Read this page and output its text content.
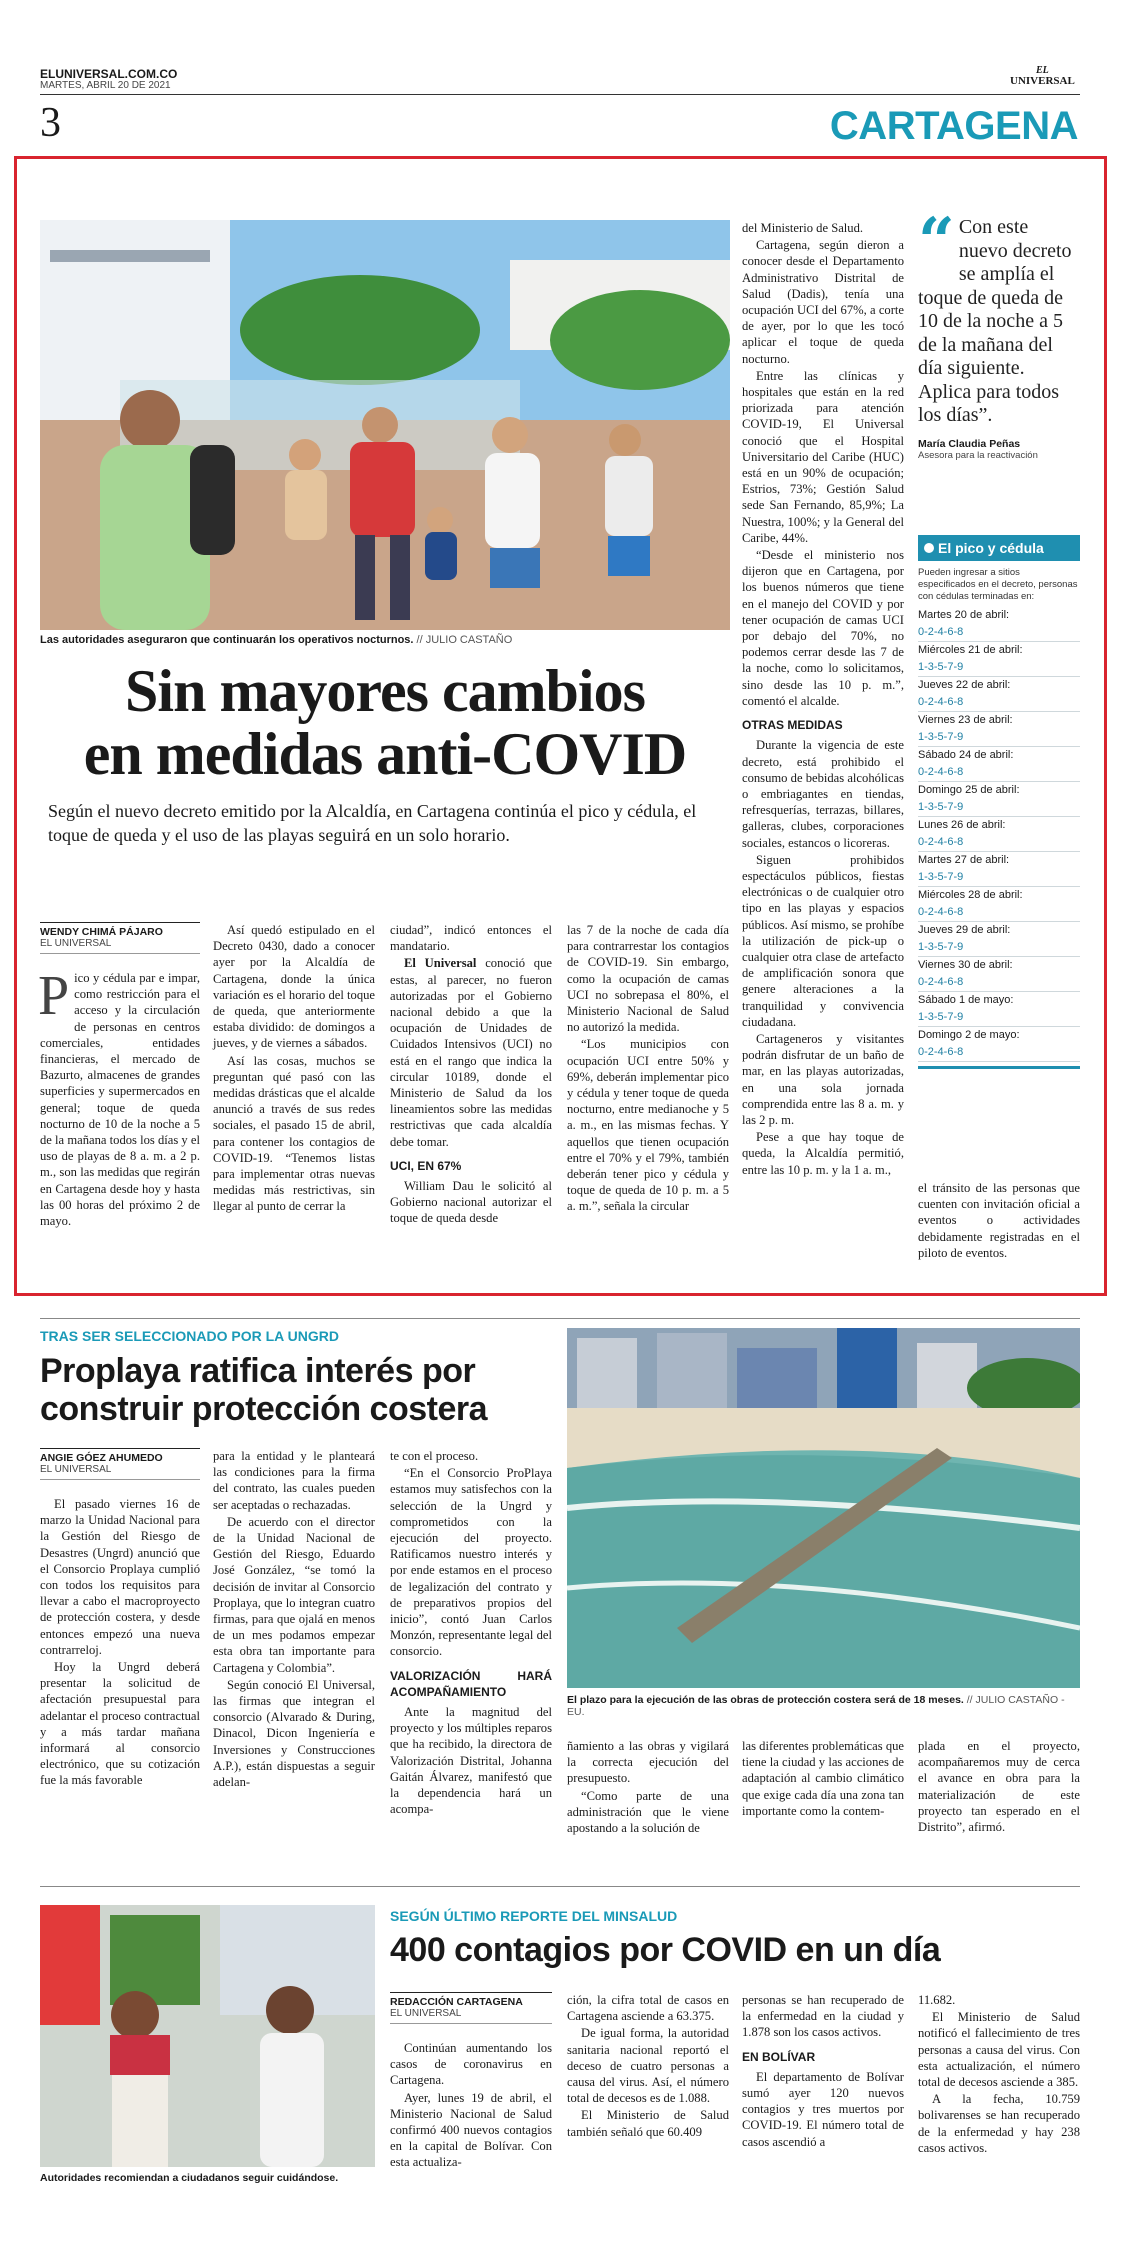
ELUNIVERSAL.COM.CO
MARTES, ABRIL 20 DE 2021
EL
UNIVERSAL
3	CARTAGENA
Las autoridades aseguraron que continuarán los operativos nocturnos. // JULIO CASTAÑO
Sin mayores cambios
en medidas anti-COVID

Según el nuevo decreto emitido por la Alcaldía, en Cartagena continúa el pico y cédula, el toque de queda y el uso de las playas seguirá en un solo horario.

WENDY CHIMÁ PÁJARO
EL UNIVERSAL

Pico y cédula par e impar, como restricción para el acceso y la circulación de personas en centros comerciales, entidades financieras, el mercado de Bazurto, almacenes de grandes superficies y supermercados en general; toque de queda nocturno de 10 de la noche a 5 de la mañana todos los días y el uso de playas de 8 a. m. a 2 p. m., son las medidas que regirán en Cartagena desde hoy y hasta las 00 horas del próximo 2 de mayo.

Así quedó estipulado en el Decreto 0430, dado a conocer ayer por la Alcaldía de Cartagena, donde la única variación es el horario del toque de queda, que anteriormente estaba dividido: de domingos a jueves, y de viernes a sábados.

Así las cosas, muchos se preguntan qué pasó con las medidas drásticas que el alcalde anunció a través de sus redes sociales, el pasado 15 de abril, para contener los contagios de COVID-19. “Tenemos listas para implementar otras nuevas medidas más restrictivas, sin llegar al punto de cerrar la

ciudad”, indicó entonces el mandatario.

El Universal conoció que estas, al parecer, no fueron autorizadas por el Gobierno nacional debido a que la ocupación de Unidades de Cuidados Intensivos (UCI) no está en el rango que indica la circular 10189, donde el Ministerio de Salud da los lineamientos sobre las medidas restrictivas que cada alcaldía debe tomar.

UCI, EN 67%

William Dau le solicitó al Gobierno nacional autorizar el toque de queda desde

las 7 de la noche de cada día para contrarrestar los contagios de COVID-19. Sin embargo, como la ocupación de camas UCI no sobrepasa el 80%, el Ministerio Nacional de Salud no autorizó la medida.

“Los municipios con ocupación UCI entre 50% y 69%, deberán implementar pico y cédula y tener toque de queda nocturno, entre medianoche y 5 a. m., en las mismas fechas. Y aquellos que tienen ocupación entre el 70% y el 79%, también deberán tener pico y cédula y toque de queda de 10 p. m. a 5 a. m.”, señala la circular

del Ministerio de Salud.

Cartagena, según dieron a conocer desde el Departamento Administrativo Distrital de Salud (Dadis), tenía una ocupación UCI del 67%, a corte de ayer, por lo que les tocó aplicar el toque de queda nocturno.

Entre las clínicas y hospitales que están en la red priorizada para atención COVID-19, El Universal conoció que el Hospital Universitario del Caribe (HUC) está en un 90% de ocupación; Estrios, 73%; Gestión Salud sede San Fernando, 85,9%; La Nuestra, 100%; y la General del Caribe, 44%.

“Desde el ministerio nos dijeron que en Cartagena, por los buenos números que tiene en el manejo del COVID y por tener ocupación de camas UCI por debajo del 70%, no podemos cerrar desde las 7 de la noche, como lo solicitamos, sino desde las 10 p. m.”, comentó el alcalde.

OTRAS MEDIDAS

Durante la vigencia de este decreto, está prohibido el consumo de bebidas alcohólicas o embriagantes en tiendas, refresquerías, terrazas, billares, galleras, clubes, corporaciones sociales, estancos o licoreras.

Siguen prohibidos espectáculos públicos, fiestas electrónicas o de cualquier otro tipo en las playas y espacios públicos. Así mismo, se prohíbe la utilización de pick-up o cualquier otra clase de artefacto de amplificación sonora que genere alteraciones a la tranquilidad y convivencia ciudadana.

Cartageneros y visitantes podrán disfrutar de un baño de mar, en las playas autorizadas, en una sola jornada comprendida entre las 8 a. m. y las 2 p. m.

Pese a que hay toque de queda, la Alcaldía permitió, entre las 10 p. m. y la 1 a. m.,

el tránsito de las personas que cuenten con invitación oficial a eventos o actividades debidamente registradas en el piloto de eventos.

“ Con este nuevo decreto se amplía el toque de queda de 10 de la noche a 5 de la mañana del día siguiente. Aplica para todos los días”.
María Claudia Peñas
Asesora para la reactivación
El pico y cédula
Pueden ingresar a sitios especificados en el decreto, personas con cédulas terminadas en:
Martes 20 de abril:
0-2-4-6-8
Miércoles 21 de abril:
1-3-5-7-9
Jueves 22 de abril:
0-2-4-6-8
Viernes 23 de abril:
1-3-5-7-9
Sábado 24 de abril:
0-2-4-6-8
Domingo 25 de abril:
1-3-5-7-9
Lunes 26 de abril:
0-2-4-6-8
Martes 27 de abril:
1-3-5-7-9
Miércoles 28 de abril:
0-2-4-6-8
Jueves 29 de abril:
1-3-5-7-9
Viernes 30 de abril:
0-2-4-6-8
Sábado 1 de mayo:
1-3-5-7-9
Domingo 2 de mayo:
0-2-4-6-8
TRAS SER SELECCIONADO POR LA UNGRD
Proplaya ratifica interés por
construir protección costera
ANGIE GÓEZ AHUMEDO
EL UNIVERSAL

El pasado viernes 16 de marzo la Unidad Nacional para la Gestión del Riesgo de Desastres (Ungrd) anunció que el Consorcio Proplaya cumplió con todos los requisitos para llevar a cabo el macroproyecto de protección costera, y desde entonces empezó una nueva contrarreloj.

Hoy la Ungrd deberá presentar la solicitud de afectación presupuestal para adelantar el proceso contractual y a más tardar mañana informará al consorcio electrónico, que su cotización fue la más favorable

para la entidad y le planteará las condiciones para la firma del contrato, las cuales pueden ser aceptadas o rechazadas.

De acuerdo con el director de la Unidad Nacional de Gestión del Riesgo, Eduardo José González, “se tomó la decisión de invitar al Consorcio Proplaya, que lo integran cuatro firmas, para que ojalá en menos de un mes podamos empezar esta obra tan importante para Cartagena y Colombia”.

Según conoció El Universal, las firmas que integran el consorcio (Alvarado & During, Dinacol, Dicon Ingeniería e Inversiones y Construcciones A.P.), están dispuestas a seguir adelan-

te con el proceso.

“En el Consorcio ProPlaya estamos muy satisfechos con la selección de la Ungrd y comprometidos con la ejecución del proyecto. Ratificamos nuestro interés y por ende estamos en el proceso de legalización del contrato y de preparativos propios del inicio”, contó Juan Carlos Monzón, representante legal del consorcio.

VALORIZACIÓN HARÁ ACOMPAÑAMIENTO

Ante la magnitud del proyecto y los múltiples reparos que ha recibido, la directora de Valorización Distrital, Johanna Gaitán Álvarez, manifestó que la dependencia hará un acompa-

ñamiento a las obras y vigilará la correcta ejecución del presupuesto.

“Como parte de una administración que le viene apostando a la solución de

las diferentes problemáticas que tiene la ciudad y las acciones de adaptación al cambio climático que exige cada día una zona tan importante como la contem-

plada en el proyecto, acompañaremos muy de cerca el avance en obra para la materialización de este proyecto tan esperado en el Distrito”, afirmó.

El plazo para la ejecución de las obras de protección costera será de 18 meses. // JULIO CASTAÑO - EU.
Autoridades recomiendan a ciudadanos seguir cuidándose.
SEGÚN ÚLTIMO REPORTE DEL MINSALUD
400 contagios por COVID en un día
REDACCIÓN CARTAGENA
EL UNIVERSAL

Continúan aumentando los casos de coronavirus en Cartagena.

Ayer, lunes 19 de abril, el Ministerio Nacional de Salud confirmó 400 nuevos contagios en la capital de Bolívar. Con esta actualiza-

ción, la cifra total de casos en Cartagena asciende a 63.375.

De igual forma, la autoridad sanitaria nacional reportó el deceso de cuatro personas a causa del virus. Así, el número total de decesos es de 1.088.

El Ministerio de Salud también señaló que 60.409

personas se han recuperado de la enfermedad en la ciudad y 1.878 son los casos activos.

EN BOLÍVAR

El departamento de Bolívar sumó ayer 120 nuevos contagios y tres muertos por COVID-19. El número total de casos ascendió a

11.682.

El Ministerio de Salud notificó el fallecimiento de tres personas a causa del virus. Con esta actualización, el número total de decesos asciende a 385.

A la fecha, 10.759 bolivarenses se han recuperado de la enfermedad y hay 238 casos activos.
